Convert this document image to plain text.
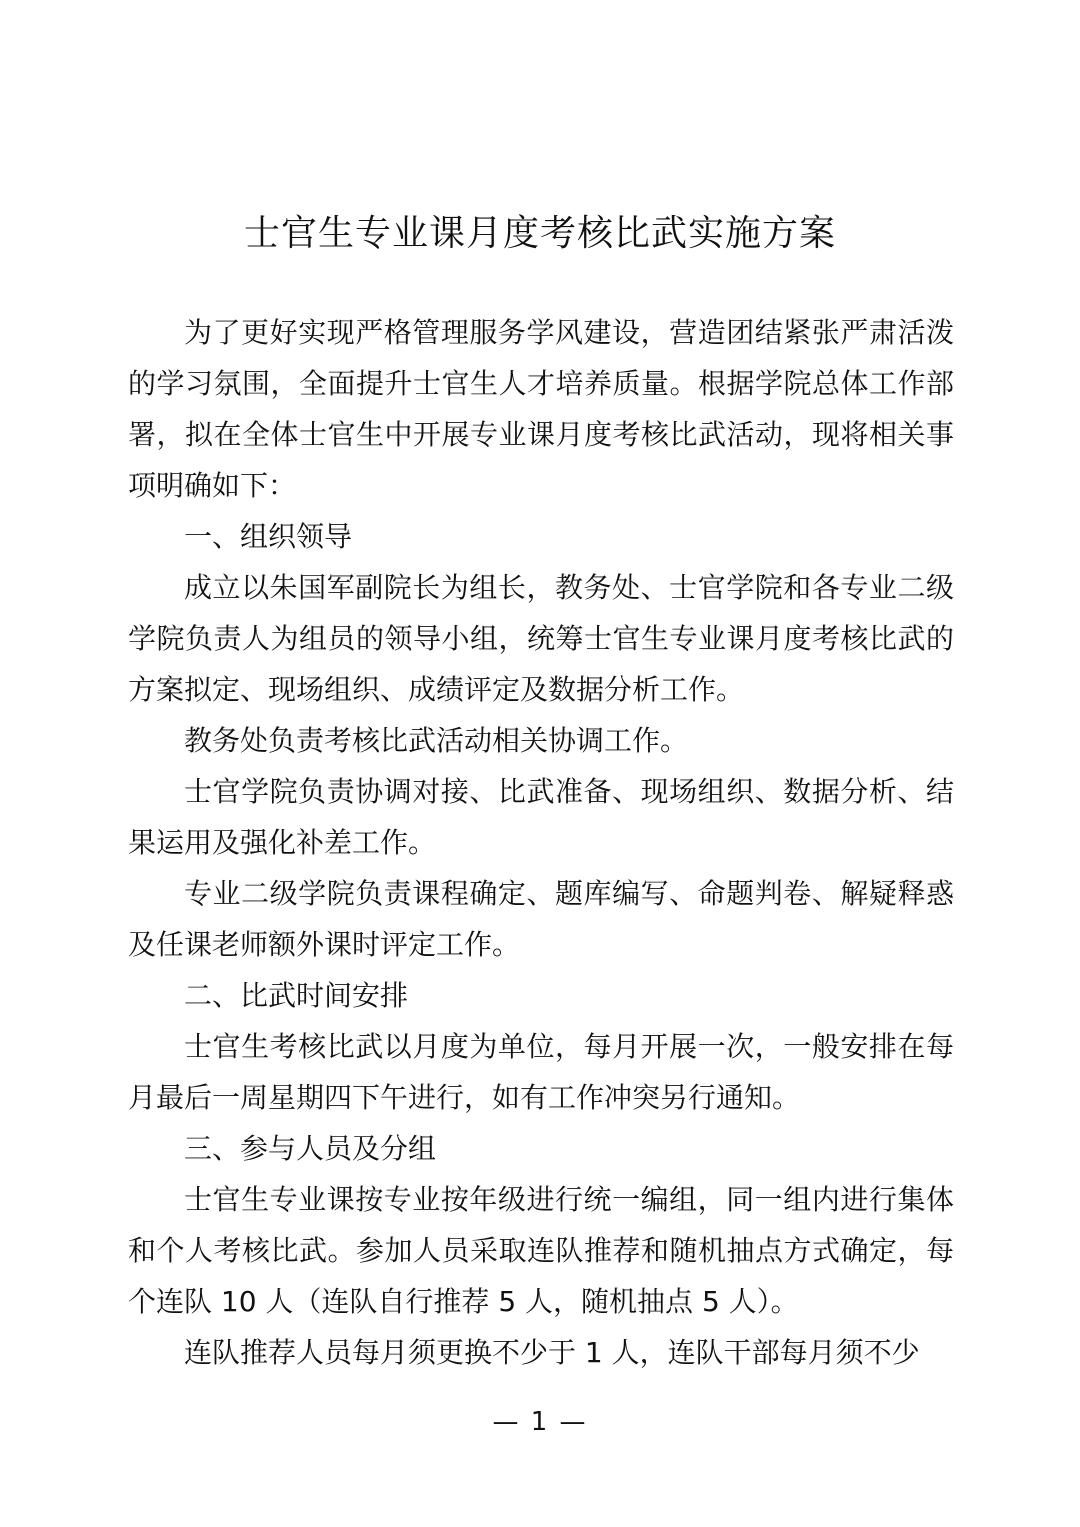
士官生专业课月度考核比武实施方案

为了更好实现严格管理服务学风建设，营造团结紧张严肃活泼的学习氛围，全面提升士官生人才培养质量。根据学院总体工作部署，拟在全体士官生中开展专业课月度考核比武活动，现将相关事项明确如下：

一、组织领导

成立以朱国军副院长为组长，教务处、士官学院和各专业二级学院负责人为组员的领导小组，统筹士官生专业课月度考核比武的方案拟定、现场组织、成绩评定及数据分析工作。

教务处负责考核比武活动相关协调工作。

士官学院负责协调对接、比武准备、现场组织、数据分析、结果运用及强化补差工作。

专业二级学院负责课程确定、题库编写、命题判卷、解疑释惑及任课老师额外课时评定工作。

二、比武时间安排

士官生考核比武以月度为单位，每月开展一次，一般安排在每月最后一周星期四下午进行，如有工作冲突另行通知。

三、参与人员及分组

士官生专业课按专业按年级进行统一编组，同一组内进行集体和个人考核比武。参加人员采取连队推荐和随机抽点方式确定，每个连队 10 人（连队自行推荐 5 人，随机抽点 5 人）。

连队推荐人员每月须更换不少于 1 人，连队干部每月须不少

— 1 —
